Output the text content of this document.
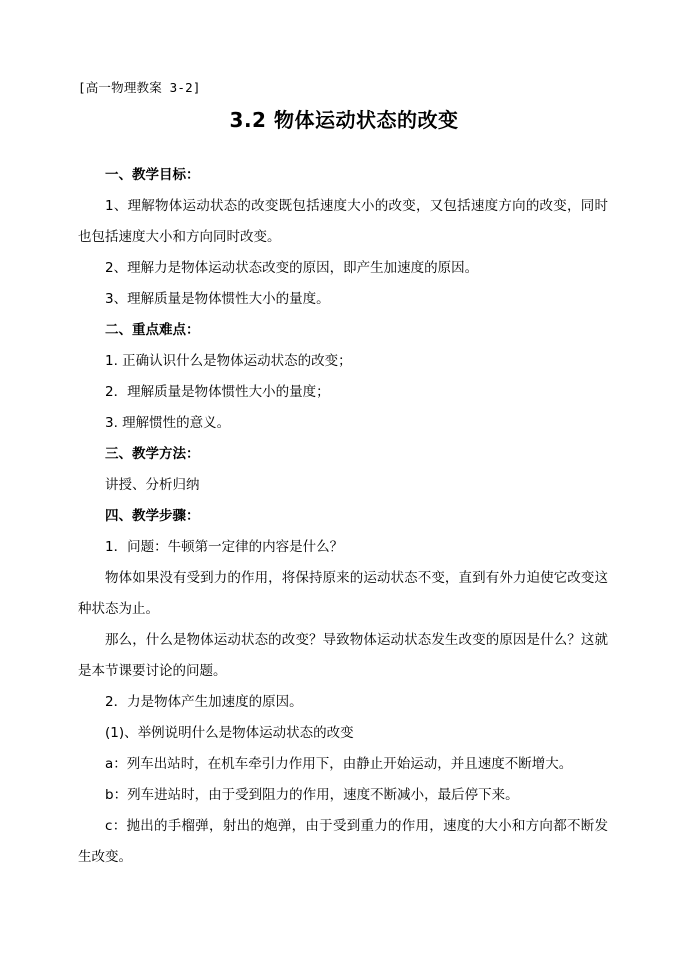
[高一物理教案 3-2]
3.2 物体运动状态的改变

一、教学目标：

1、理解物体运动状态的改变既包括速度大小的改变，又包括速度方向的改变，同时也包括速度大小和方向同时改变。

2、理解力是物体运动状态改变的原因，即产生加速度的原因。

3、理解质量是物体惯性大小的量度。

二、重点难点：

1. 正确认识什么是物体运动状态的改变；

2．理解质量是物体惯性大小的量度；

3. 理解惯性的意义。

三、教学方法：

讲授、分析归纳

四、教学步骤：

1．问题：牛顿第一定律的内容是什么？

物体如果没有受到力的作用，将保持原来的运动状态不变，直到有外力迫使它改变这种状态为止。

那么，什么是物体运动状态的改变？导致物体运动状态发生改变的原因是什么？这就是本节课要讨论的问题。

2．力是物体产生加速度的原因。

(1)、举例说明什么是物体运动状态的改变

a：列车出站时，在机车牵引力作用下，由静止开始运动，并且速度不断增大。

b：列车进站时，由于受到阻力的作用，速度不断减小，最后停下来。

c：抛出的手榴弹，射出的炮弹，由于受到重力的作用，速度的大小和方向都不断发生改变。
